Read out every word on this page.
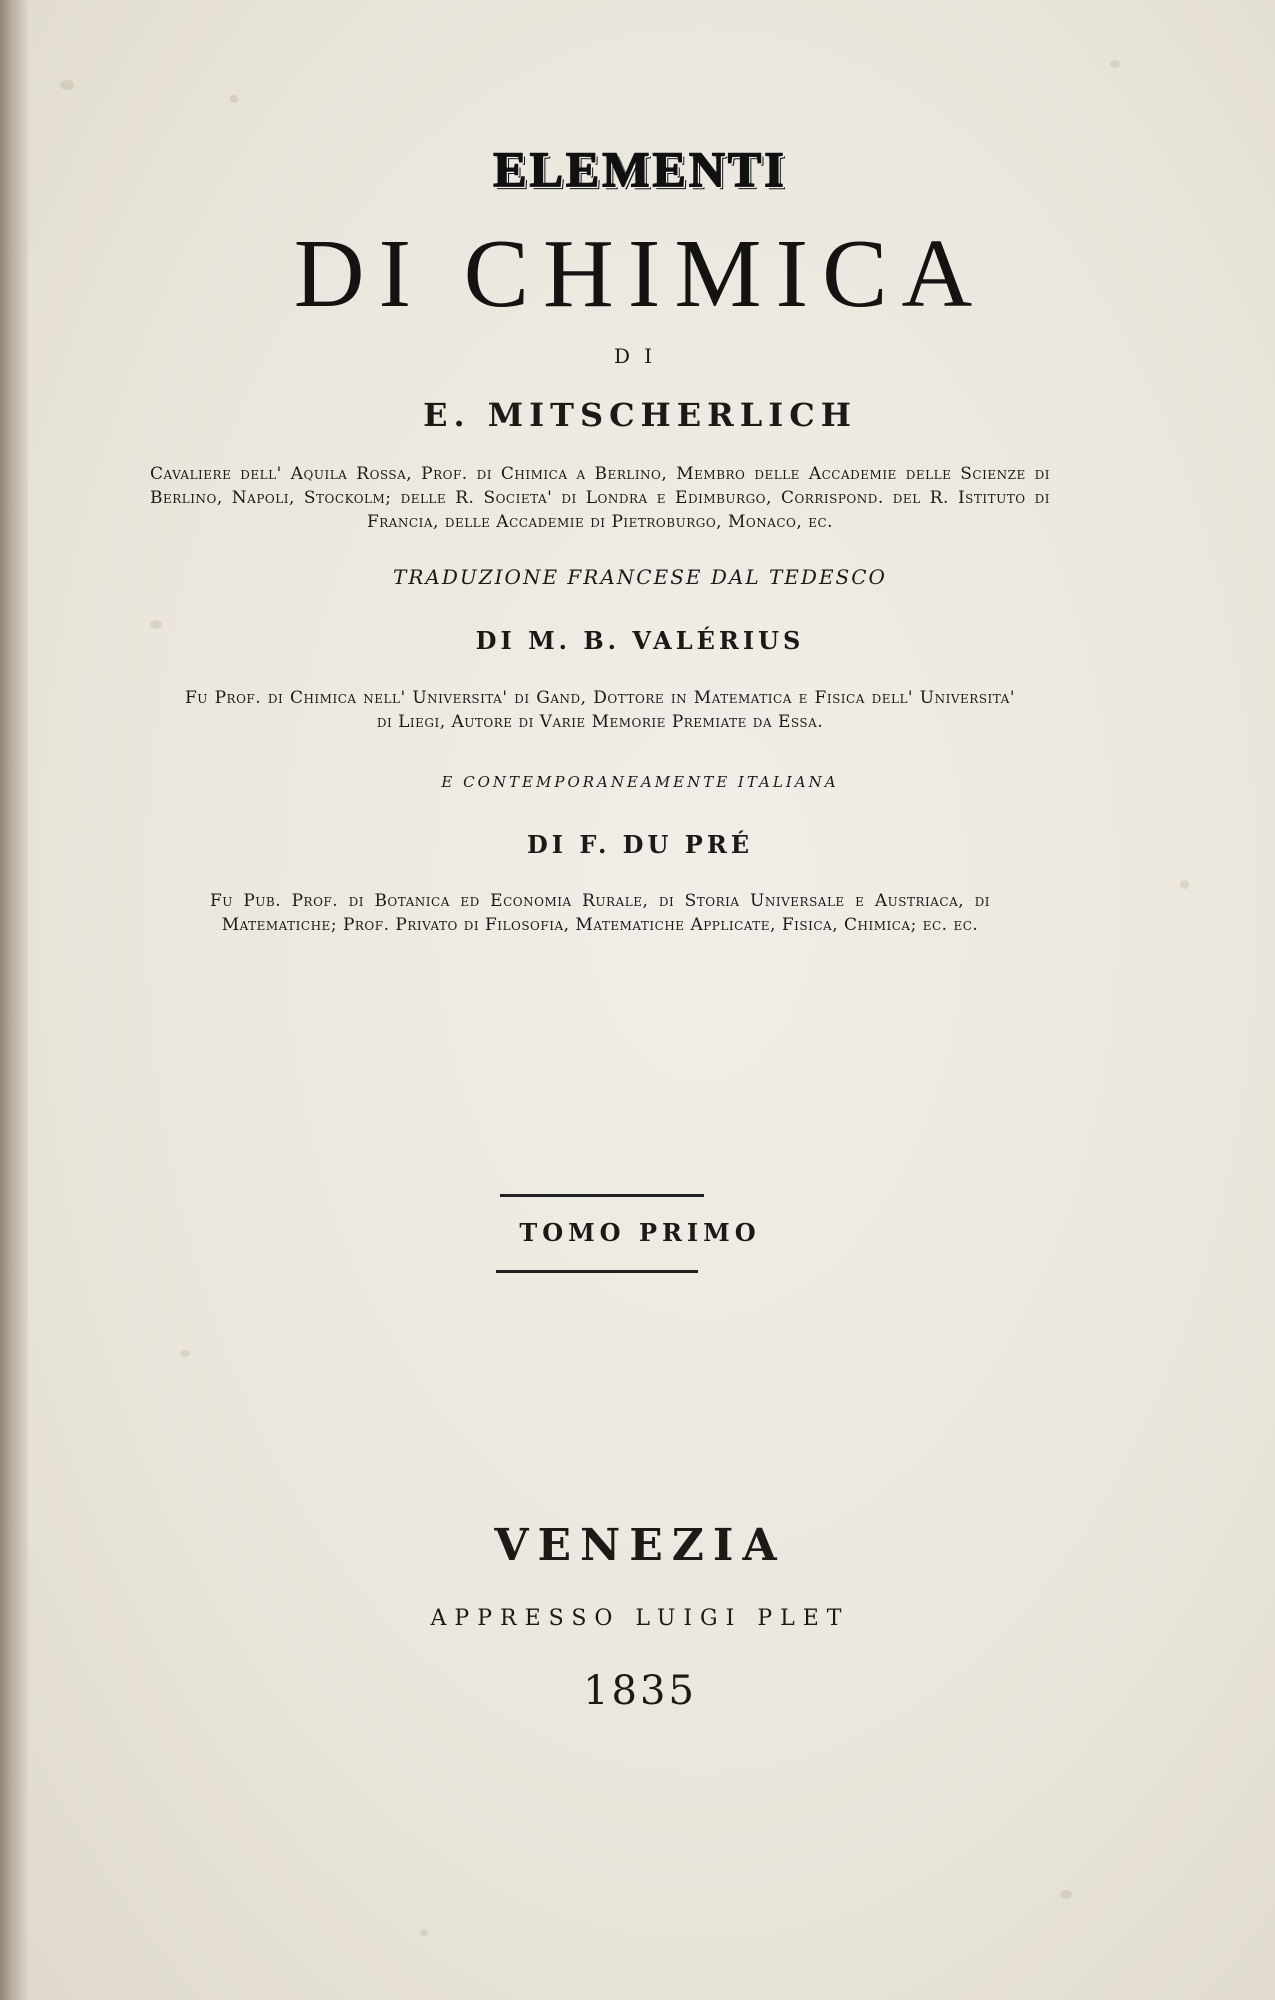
ELEMENTI
DI CHIMICA
DI
E. MITSCHERLICH
Cavaliere dell' Aquila Rossa, Prof. di Chimica a Berlino, Membro delle Accademie delle Scienze di Berlino, Napoli, Stockolm; delle R. Societa' di Londra e Edimburgo, Corrispond. del R. Istituto di Francia, delle Accademie di Pietroburgo, Monaco, ec.
TRADUZIONE FRANCESE DAL TEDESCO
DI M. B. VALÉRIUS
Fu Prof. di Chimica nell' Universita' di Gand, Dottore in Matematica e Fisica dell' Universita' di Liegi, Autore di Varie Memorie Premiate da Essa.
E CONTEMPORANEAMENTE ITALIANA
DI F. DU PRÉ
Fu Pub. Prof. di Botanica ed Economia Rurale, di Storia Universale e Austriaca, di Matematiche; Prof. Privato di Filosofia, Matematiche Applicate, Fisica, Chimica; ec. ec.
TOMO PRIMO
VENEZIA
APPRESSO LUIGI PLET
1835
